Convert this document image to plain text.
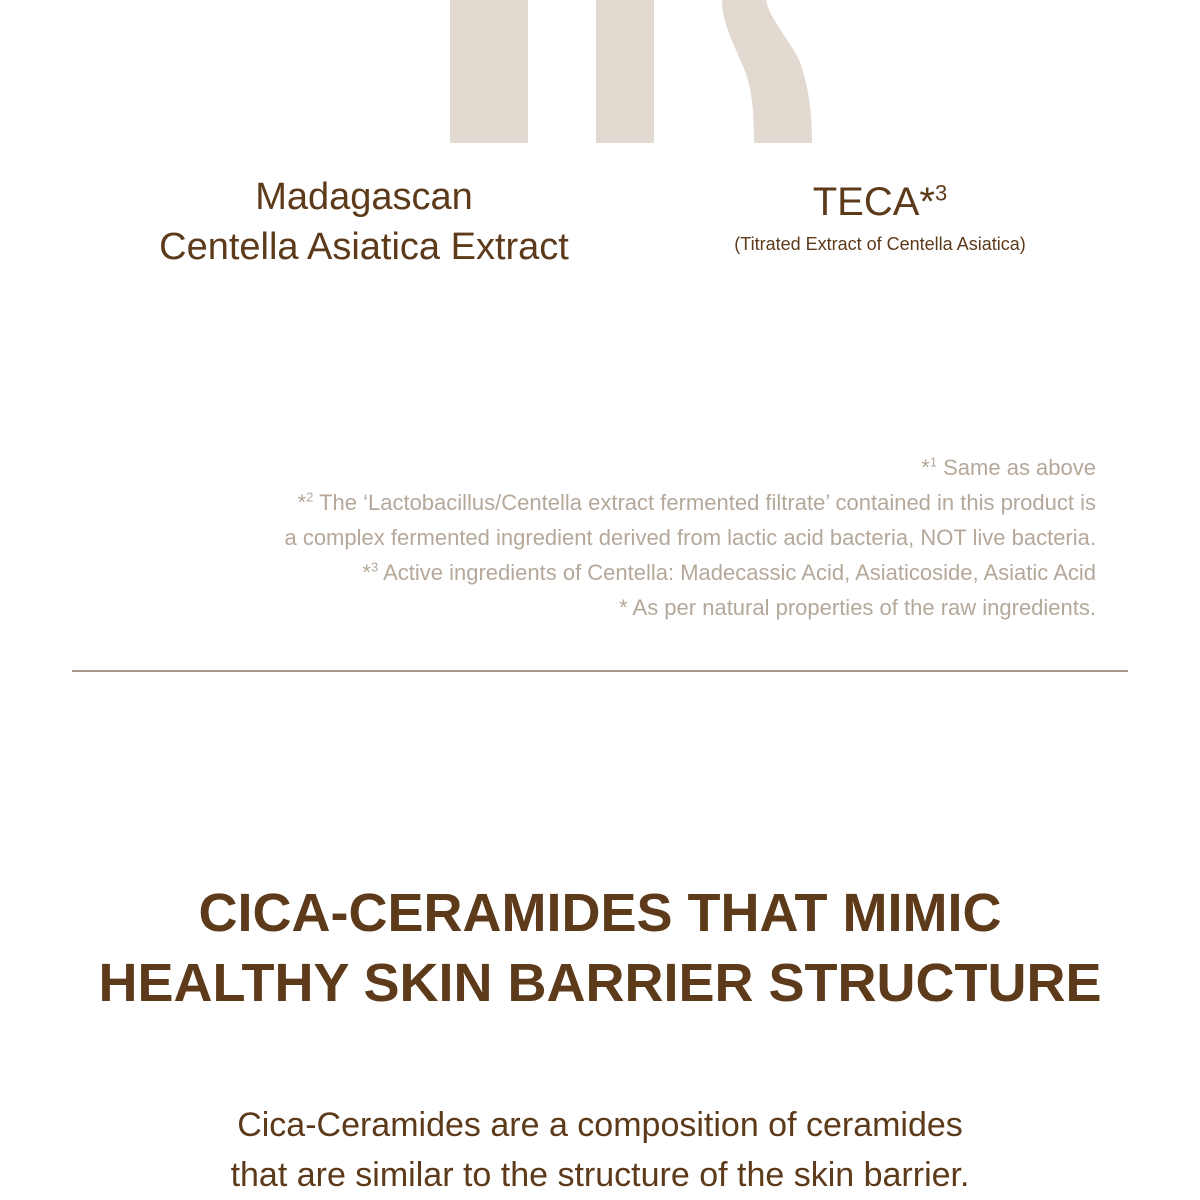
Madagascan
Centella Asiatica Extract
TECA*$^3$
(Titrated Extract of Centella Asiatica)
*$^1$ Same as above
*$^2$ The ‘Lactobacillus/Centella extract fermented filtrate’ contained in this product is
a complex fermented ingredient derived from lactic acid bacteria, NOT live bacteria.
*$^3$ Active ingredients of Centella: Madecassic Acid, Asiaticoside, Asiatic Acid
* As per natural properties of the raw ingredients.
CICA-CERAMIDES THAT MIMIC
HEALTHY SKIN BARRIER STRUCTURE
Cica-Ceramides are a composition of ceramides
that are similar to the structure of the skin barrier.
